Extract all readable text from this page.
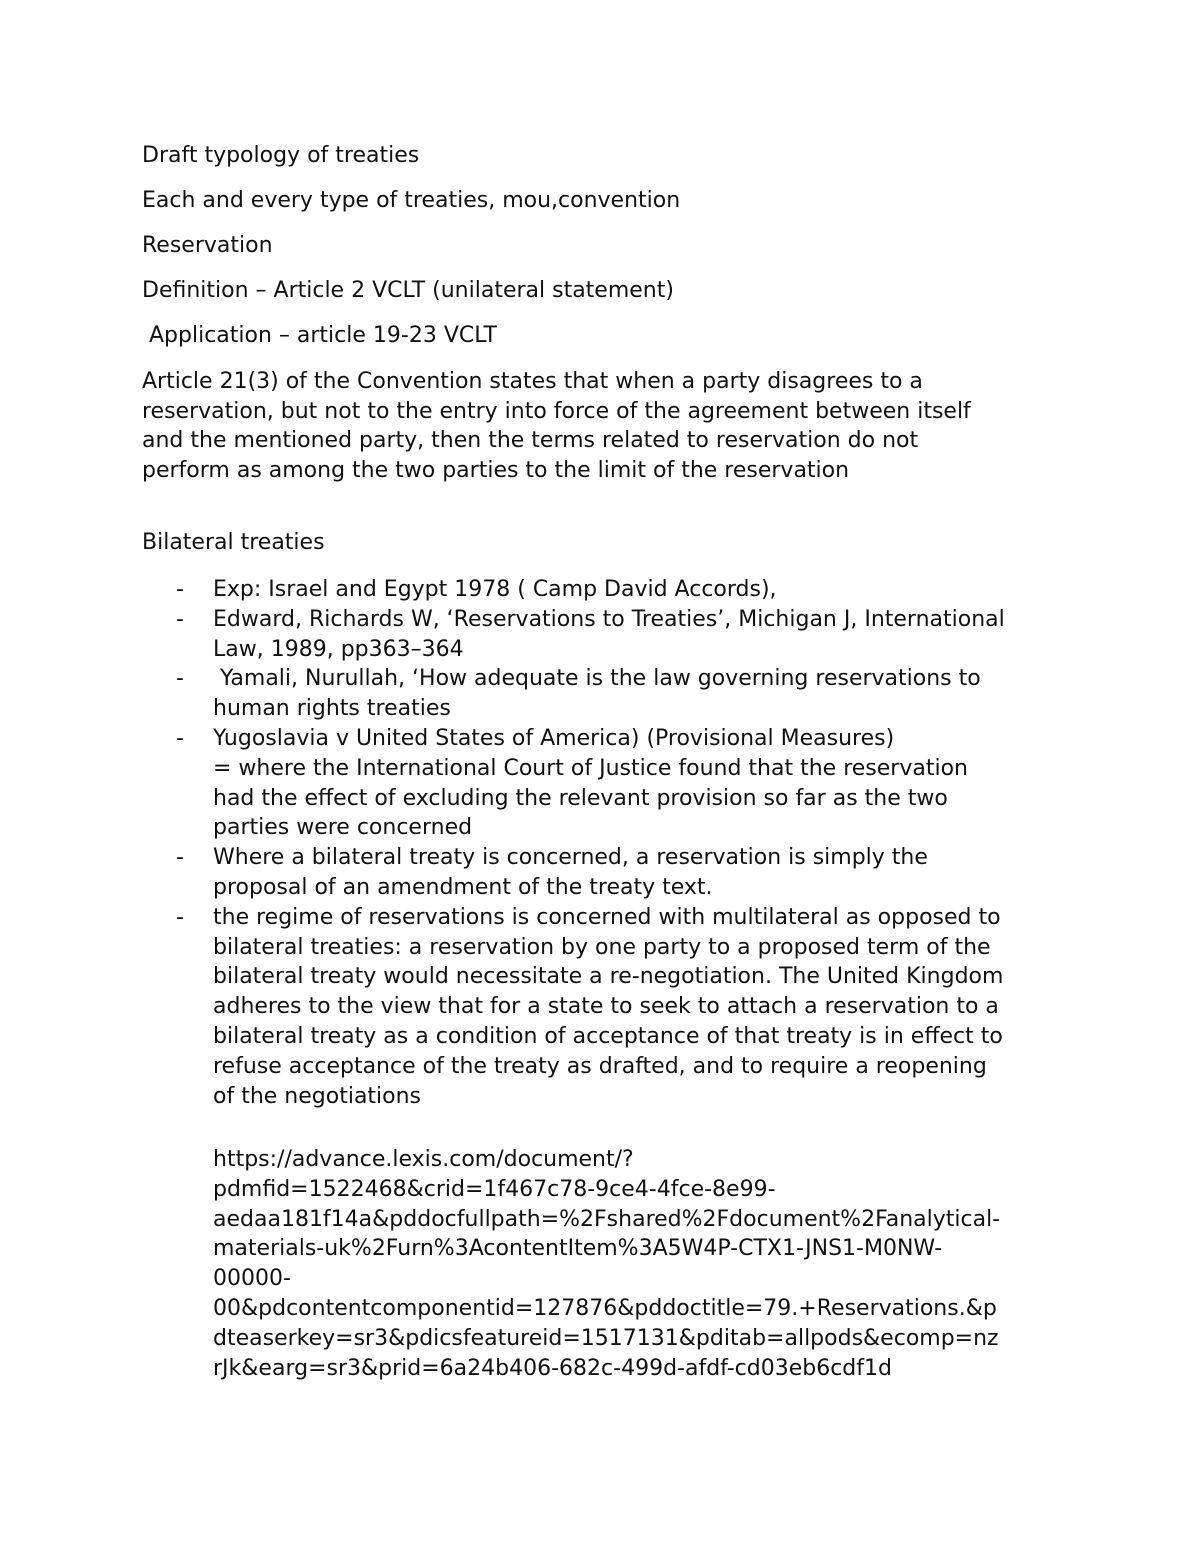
Draft typology of treaties

Each and every type of treaties, mou,convention

Reservation

Definition – Article 2 VCLT (unilateral statement)

Application – article 19-23 VCLT

Article 21(3) of the Convention states that when a party disagrees to a
reservation, but not to the entry into force of the agreement between itself
and the mentioned party, then the terms related to reservation do not
perform as among the two parties to the limit of the reservation

Bilateral treaties

- Exp: Israel and Egypt 1978 ( Camp David Accords),
- Edward, Richards W, ‘Reservations to Treaties’, Michigan J, International
Law, 1989, pp363–364
- Yamali, Nurullah, ‘How adequate is the law governing reservations to
human rights treaties
- Yugoslavia v United States of America) (Provisional Measures)
= where the International Court of Justice found that the reservation
had the effect of excluding the relevant provision so far as the two
parties were concerned
- Where a bilateral treaty is concerned, a reservation is simply the
proposal of an amendment of the treaty text.
- the regime of reservations is concerned with multilateral as opposed to
bilateral treaties: a reservation by one party to a proposed term of the
bilateral treaty would necessitate a re-negotiation. The United Kingdom
adheres to the view that for a state to seek to attach a reservation to a
bilateral treaty as a condition of acceptance of that treaty is in effect to
refuse acceptance of the treaty as drafted, and to require a reopening
of the negotiations
https://advance.lexis.com/document/?
pdmfid=1522468&crid=1f467c78-9ce4-4fce-8e99-
aedaa181f14a&pddocfullpath=%2Fshared%2Fdocument%2Fanalytical-
materials-uk%2Furn%3AcontentItem%3A5W4P-CTX1-JNS1-M0NW-
00000-
00&pdcontentcomponentid=127876&pddoctitle=79.+Reservations.&p
dteaserkey=sr3&pdicsfeatureid=1517131&pditab=allpods&ecomp=nz
rJk&earg=sr3&prid=6a24b406-682c-499d-afdf-cd03eb6cdf1d
